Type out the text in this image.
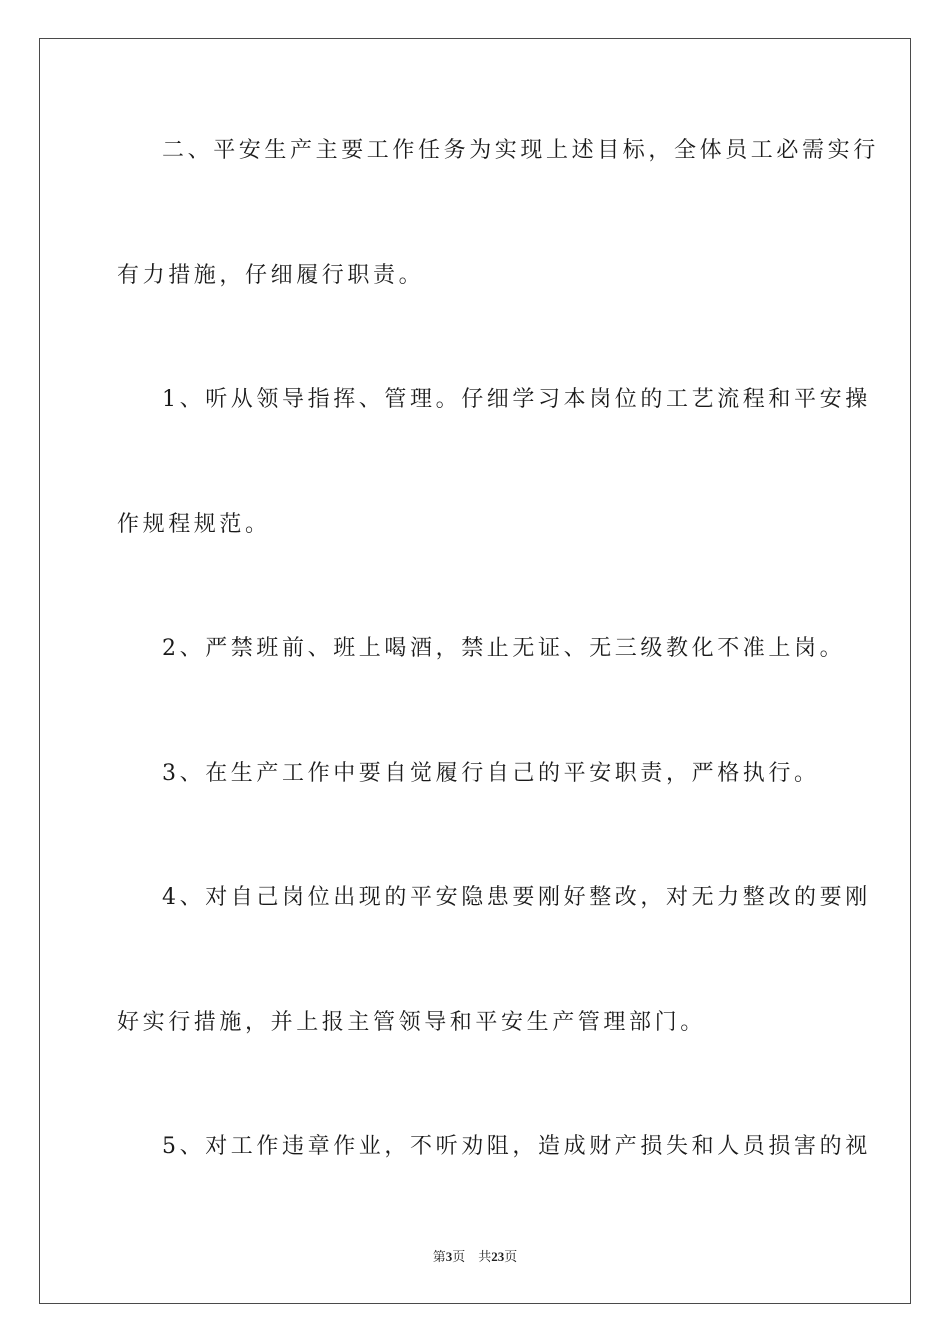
二、平安生产主要工作任务为实现上述目标，全体员工必需实行
有力措施，仔细履行职责。
1、听从领导指挥、管理。仔细学习本岗位的工艺流程和平安操
作规程规范。
2、严禁班前、班上喝酒，禁止无证、无三级教化不准上岗。
3、在生产工作中要自觉履行自己的平安职责，严格执行。
4、对自己岗位出现的平安隐患要刚好整改，对无力整改的要刚
好实行措施，并上报主管领导和平安生产管理部门。
5、对工作违章作业，不听劝阻，造成财产损失和人员损害的视
第3页 共23页
